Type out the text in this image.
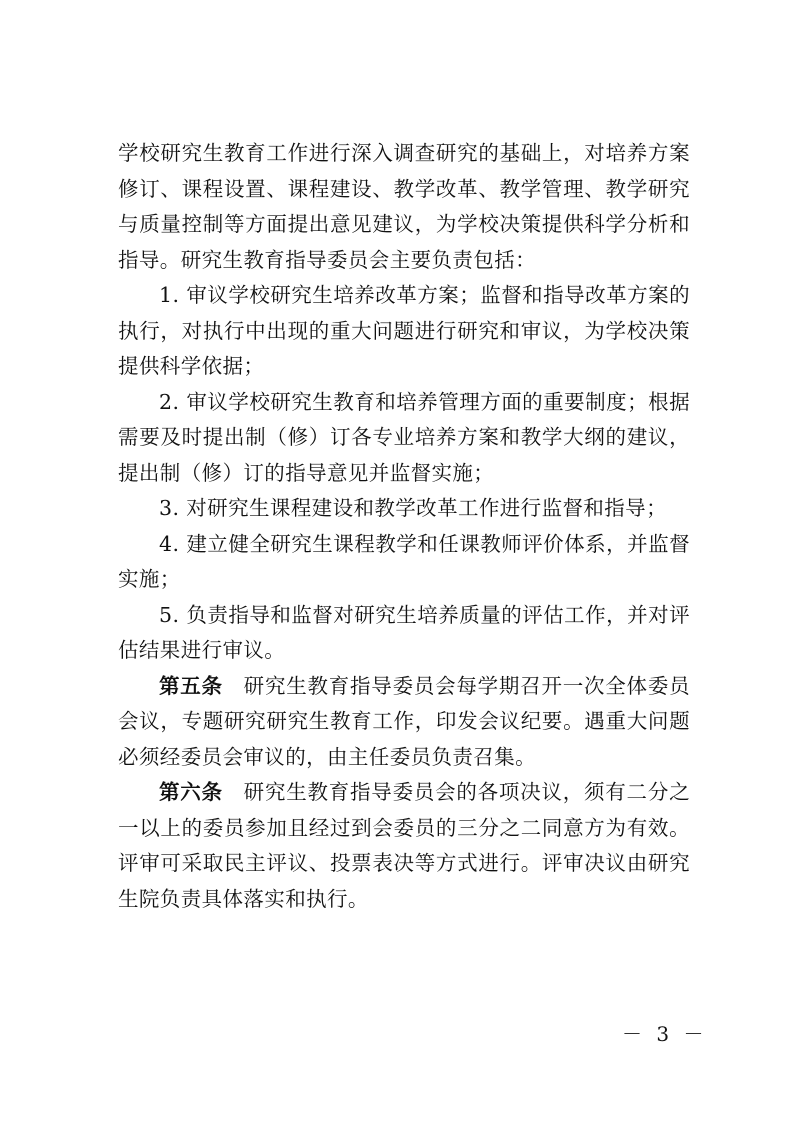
学校研究生教育工作进行深入调查研究的基础上，对培养方案修订、课程设置、课程建设、教学改革、教学管理、教学研究与质量控制等方面提出意见建议，为学校决策提供科学分析和指导。研究生教育指导委员会主要负责包括：

1. 审议学校研究生培养改革方案；监督和指导改革方案的执行，对执行中出现的重大问题进行研究和审议，为学校决策提供科学依据；

2. 审议学校研究生教育和培养管理方面的重要制度；根据需要及时提出制（修）订各专业培养方案和教学大纲的建议，提出制（修）订的指导意见并监督实施；

3. 对研究生课程建设和教学改革工作进行监督和指导；

4. 建立健全研究生课程教学和任课教师评价体系，并监督实施；

5. 负责指导和监督对研究生培养质量的评估工作，并对评估结果进行审议。

第五条 研究生教育指导委员会每学期召开一次全体委员会议，专题研究研究生教育工作，印发会议纪要。遇重大问题必须经委员会审议的，由主任委员负责召集。

第六条 研究生教育指导委员会的各项决议，须有二分之一以上的委员参加且经过到会委员的三分之二同意方为有效。评审可采取民主评议、投票表决等方式进行。评审决议由研究生院负责具体落实和执行。

－ 3 －
